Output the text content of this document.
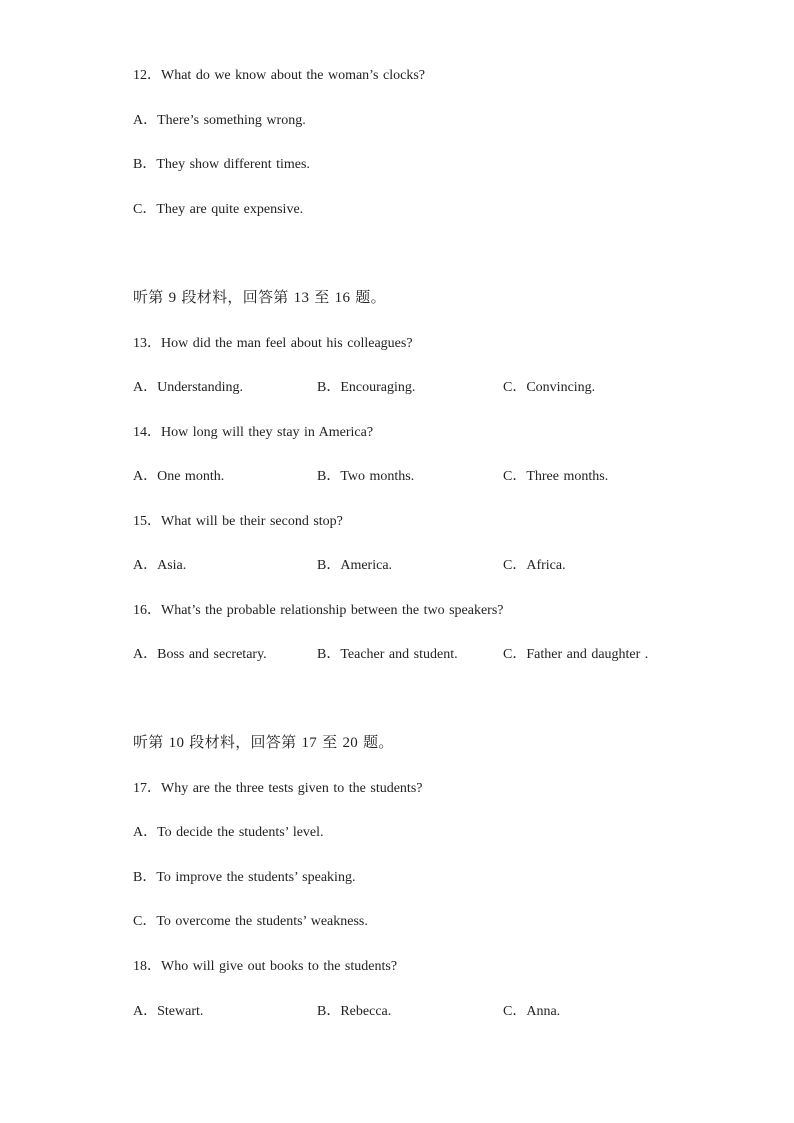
12．What do we know about the woman’s clocks?
A．There’s something wrong.
B．They show different times.
C．They are quite expensive.
听第 9 段材料，回答第 13 至 16 题。
13．How did the man feel about his colleagues?
A．Understanding.	B．Encouraging.	C．Convincing.
14．How long will they stay in America?
A．One month.	B．Two months.	C．Three months.
15．What will be their second stop?
A．Asia.	B．America.	C．Africa.
16．What’s the probable relationship between the two speakers?
A．Boss and secretary.	B．Teacher and student.	C．Father and daughter .
听第 10 段材料，回答第 17 至 20 题。
17．Why are the three tests given to the students?
A．To decide the students’ level.
B．To improve the students’ speaking.
C．To overcome the students’ weakness.
18．Who will give out books to the students?
A．Stewart.	B．Rebecca.	C．Anna.
